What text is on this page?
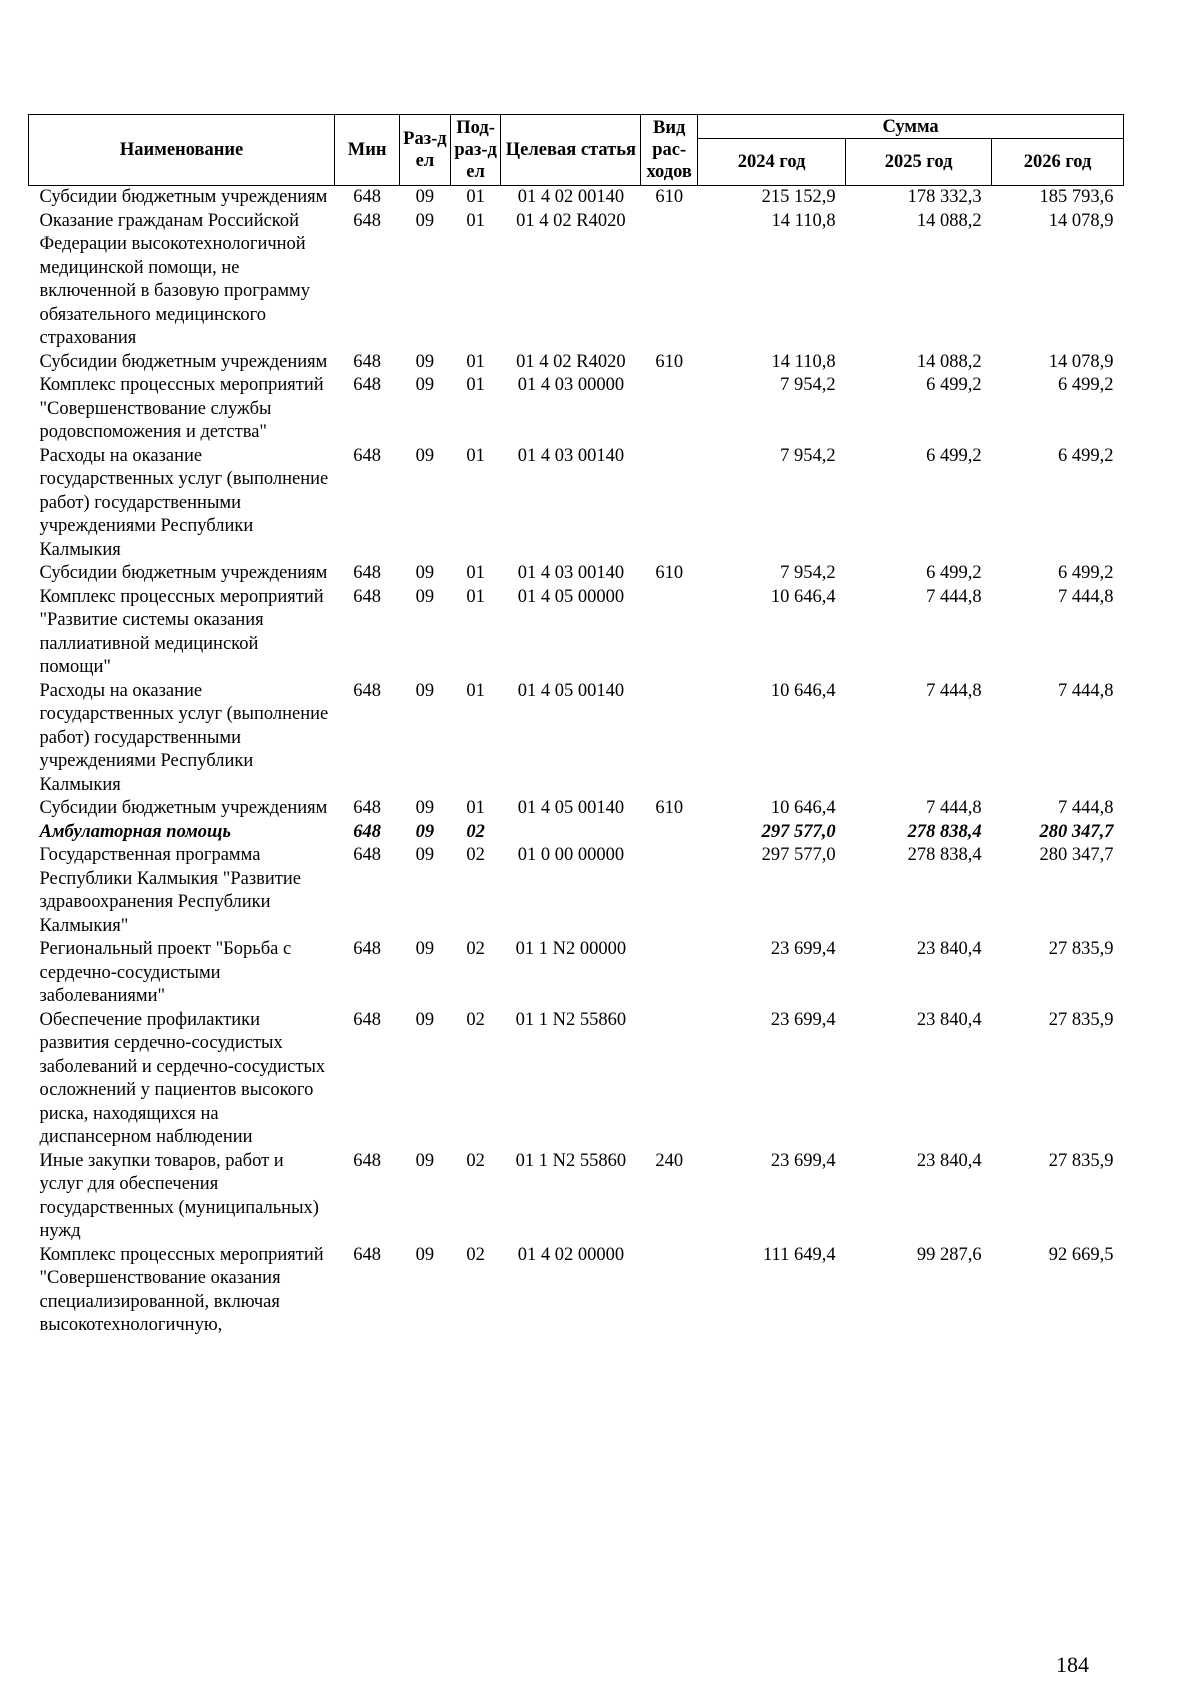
Наименование	Мин	Раз-дел	Под-раз-дел	Целевая статья	Вид рас-ходов	Сумма		
						2024 год	2025 год	2026 год
Субсидии бюджетным учреждениям	648	09	01	01 4 02 00140	610	215 152,9	178 332,3	185 793,6
Оказание гражданам Российской Федерации высокотехнологичной медицинской помощи, не включенной в базовую программу обязательного медицинского страхования	648	09	01	01 4 02 R4020		14 110,8	14 088,2	14 078,9
Субсидии бюджетным учреждениям	648	09	01	01 4 02 R4020	610	14 110,8	14 088,2	14 078,9
Комплекс процессных мероприятий "Совершенствование службы родовспоможения и детства"	648	09	01	01 4 03 00000		7 954,2	6 499,2	6 499,2
Расходы на оказание государственных услуг (выполнение работ) государственными учреждениями Республики Калмыкия	648	09	01	01 4 03 00140		7 954,2	6 499,2	6 499,2
Субсидии бюджетным учреждениям	648	09	01	01 4 03 00140	610	7 954,2	6 499,2	6 499,2
Комплекс процессных мероприятий "Развитие системы оказания паллиативной медицинской помощи"	648	09	01	01 4 05 00000		10 646,4	7 444,8	7 444,8
Расходы на оказание государственных услуг (выполнение работ) государственными учреждениями Республики Калмыкия	648	09	01	01 4 05 00140		10 646,4	7 444,8	7 444,8
Субсидии бюджетным учреждениям	648	09	01	01 4 05 00140	610	10 646,4	7 444,8	7 444,8
Амбулаторная помощь	648	09	02			297 577,0	278 838,4	280 347,7
Государственная программа Республики Калмыкия "Развитие здравоохранения Республики Калмыкия"	648	09	02	01 0 00 00000		297 577,0	278 838,4	280 347,7
Региональный проект "Борьба с сердечно-сосудистыми заболеваниями"	648	09	02	01 1 N2 00000		23 699,4	23 840,4	27 835,9
Обеспечение профилактики развития сердечно-сосудистых заболеваний и сердечно-сосудистых осложнений у пациентов высокого риска, находящихся на диспансерном наблюдении	648	09	02	01 1 N2 55860		23 699,4	23 840,4	27 835,9
Иные закупки товаров, работ и услуг для обеспечения государственных (муниципальных) нужд	648	09	02	01 1 N2 55860	240	23 699,4	23 840,4	27 835,9
Комплекс процессных мероприятий "Совершенствование оказания специализированной, включая высокотехнологичную,	648	09	02	01 4 02 00000		111 649,4	99 287,6	92 669,5
184
